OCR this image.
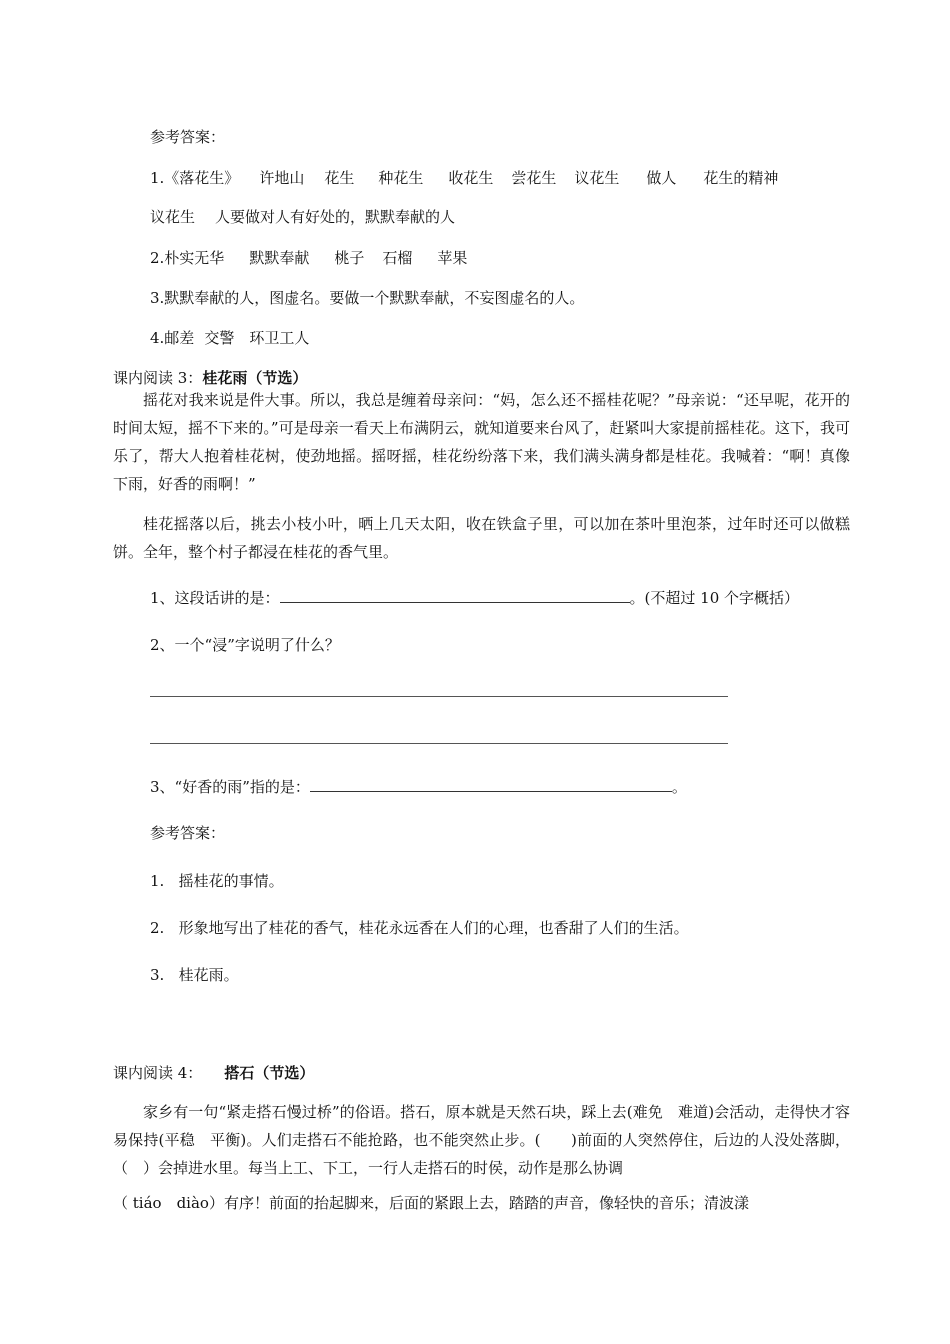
参考答案：
1.《落花生》 许地山 花生 种花生 收花生 尝花生 议花生 做人 花生的精神
议花生 人要做对人有好处的，默默奉献的人
2.朴实无华 默默奉献 桃子 石榴 苹果
3.默默奉献的人，图虚名。要做一个默默奉献，不妄图虚名的人。
4.邮差 交警 环卫工人
课内阅读 3：桂花雨（节选）
摇花对我来说是件大事。所以，我总是缠着母亲问：“妈，怎么还不摇桂花呢？”母亲说：“还早呢，花开的时间太短，摇不下来的。”可是母亲一看天上布满阴云，就知道要来台风了，赶紧叫大家提前摇桂花。这下，我可乐了，帮大人抱着桂花树，使劲地摇。摇呀摇，桂花纷纷落下来，我们满头满身都是桂花。我喊着：“啊！真像下雨，好香的雨啊！”
桂花摇落以后，挑去小枝小叶，晒上几天太阳，收在铁盒子里，可以加在茶叶里泡茶，过年时还可以做糕饼。全年，整个村子都浸在桂花的香气里。
1、这段话讲的是：	。(不超过 10 个字概括）
2、一个“浸”字说明了什么？
3、“好香的雨”指的是：	。
参考答案：
1.   摇桂花的事情。
2.   形象地写出了桂花的香气，桂花永远香在人们的心理，也香甜了人们的生活。
3.   桂花雨。
课内阅读 4： 搭石（节选）
家乡有一句“紧走搭石慢过桥”的俗语。搭石，原本就是天然石块，踩上去(难免　难道)会活动，走得快才容易保持(平稳　平衡)。人们走搭石不能抢路，也不能突然止步。(　　)前面的人突然停住，后边的人没处落脚，（　）会掉进水里。每当上工、下工，一行人走搭石的时侯，动作是那么协调
（ tiáo　diào）有序！前面的抬起脚来，后面的紧跟上去，踏踏的声音，像轻快的音乐；清波漾
